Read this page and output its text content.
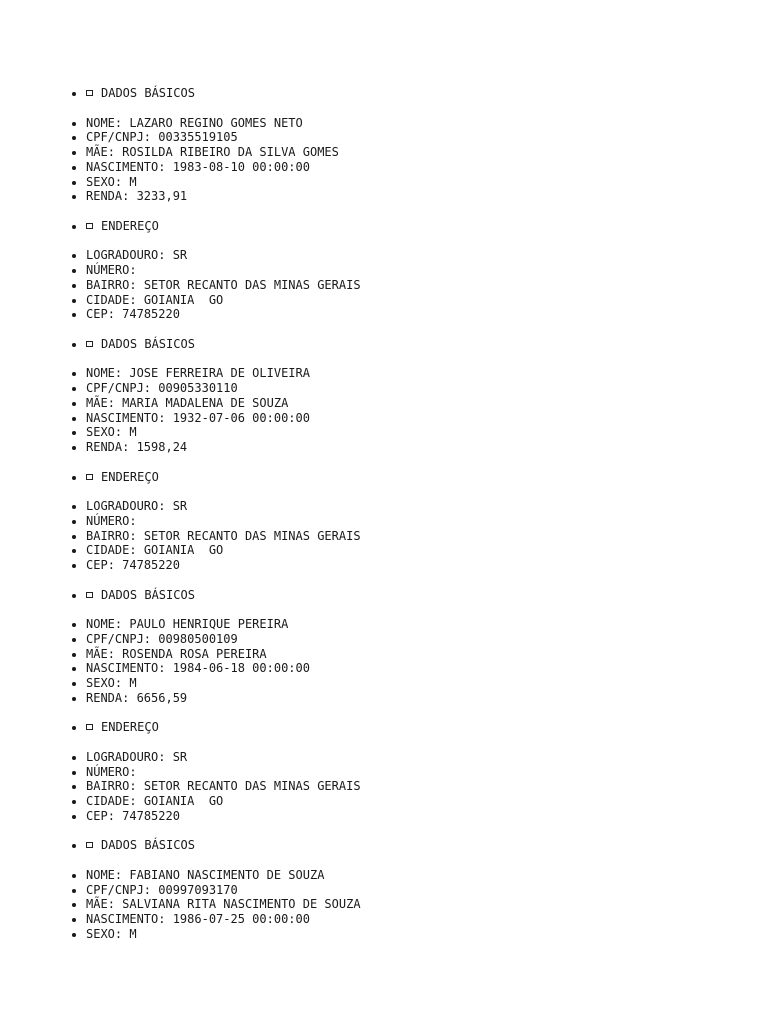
DADOS BÁSICOS
NOME : LAZARO REGINO GOMES NETO
CPF/CNPJ : 00335519105
MÃE : ROSILDA RIBEIRO DA SILVA GOMES
NASCIMENTO : 1983-08-10 00:00:00
SEXO : M
RENDA : 3233,91
ENDEREÇO
LOGRADOURO : SR
NÚMERO :
BAIRRO : SETOR RECANTO DAS MINAS GERAIS
CIDADE : GOIANIA  GO
CEP : 74785220
DADOS BÁSICOS
NOME : JOSE FERREIRA DE OLIVEIRA
CPF/CNPJ : 00905330110
MÃE : MARIA MADALENA DE SOUZA
NASCIMENTO : 1932-07-06 00:00:00
SEXO : M
RENDA : 1598,24
ENDEREÇO
LOGRADOURO : SR
NÚMERO :
BAIRRO : SETOR RECANTO DAS MINAS GERAIS
CIDADE : GOIANIA  GO
CEP : 74785220
DADOS BÁSICOS
NOME : PAULO HENRIQUE PEREIRA
CPF/CNPJ : 00980500109
MÃE : ROSENDA ROSA PEREIRA
NASCIMENTO : 1984-06-18 00:00:00
SEXO : M
RENDA : 6656,59
ENDEREÇO
LOGRADOURO : SR
NÚMERO :
BAIRRO : SETOR RECANTO DAS MINAS GERAIS
CIDADE : GOIANIA  GO
CEP : 74785220
DADOS BÁSICOS
NOME : FABIANO NASCIMENTO DE SOUZA
CPF/CNPJ : 00997093170
MÃE : SALVIANA RITA NASCIMENTO DE SOUZA
NASCIMENTO : 1986-07-25 00:00:00
SEXO : M
